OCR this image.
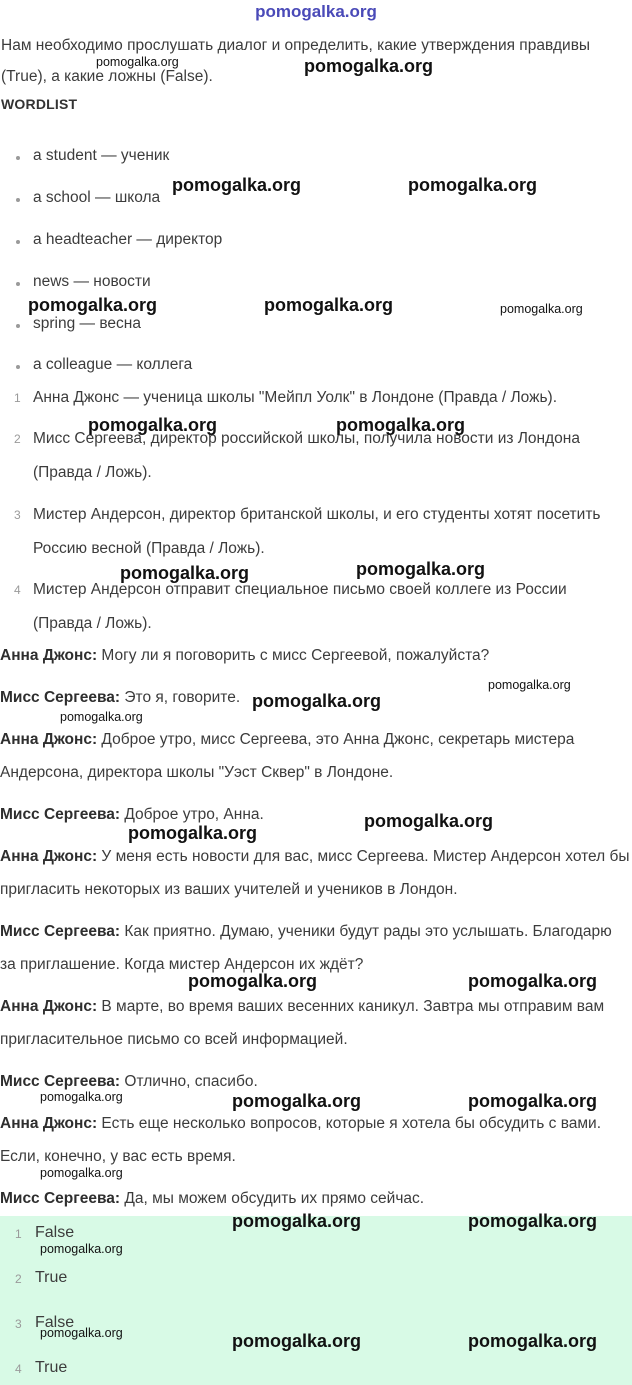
pomogalka.org
Нам необходимо прослушать диалог и определить, какие утверждения правдивы (True), а какие ложны (False).
WORDLIST
a student — ученик
a school — школа
a headteacher — директор
news — новости
spring — весна
a colleague — коллега
1 Анна Джонс — ученица школы "Мейпл Уолк" в Лондоне (Правда / Ложь).
2 Мисс Сергеева, директор российской школы, получила новости из Лондона (Правда / Ложь).
3 Мистер Андерсон, директор британской школы, и его студенты хотят посетить Россию весной (Правда / Ложь).
4 Мистер Андерсон отправит специальное письмо своей коллеге из России (Правда / Ложь).
Анна Джонс: Могу ли я поговорить с мисс Сергеевой, пожалуйста?
Мисс Сергеева: Это я, говорите.
Анна Джонс: Доброе утро, мисс Сергеева, это Анна Джонс, секретарь мистера Андерсона, директора школы "Уэст Сквер" в Лондоне.
Мисс Сергеева: Доброе утро, Анна.
Анна Джонс: У меня есть новости для вас, мисс Сергеева. Мистер Андерсон хотел бы пригласить некоторых из ваших учителей и учеников в Лондон.
Мисс Сергеева: Как приятно. Думаю, ученики будут рады это услышать. Благодарю за приглашение. Когда мистер Андерсон их ждёт?
Анна Джонс: В марте, во время ваших весенних каникул. Завтра мы отправим вам пригласительное письмо со всей информацией.
Мисс Сергеева: Отлично, спасибо.
Анна Джонс: Есть еще несколько вопросов, которые я хотела бы обсудить с вами. Если, конечно, у вас есть время.
Мисс Сергеева: Да, мы можем обсудить их прямо сейчас.
1 False
2 True
3 False
4 True
pomogalka.org	pomogalka.org
pomogalka.org	pomogalka.org
pomogalka.org	pomogalka.org	pomogalka.org
pomogalka.org	pomogalka.org
pomogalka.org	pomogalka.org
pomogalka.org
pomogalka.org
pomogalka.org
pomogalka.org
pomogalka.org
pomogalka.org	pomogalka.org
pomogalka.org	pomogalka.org	pomogalka.org
pomogalka.org
pomogalka.org	pomogalka.org
pomogalka.org
pomogalka.org	pomogalka.org	pomogalka.org
